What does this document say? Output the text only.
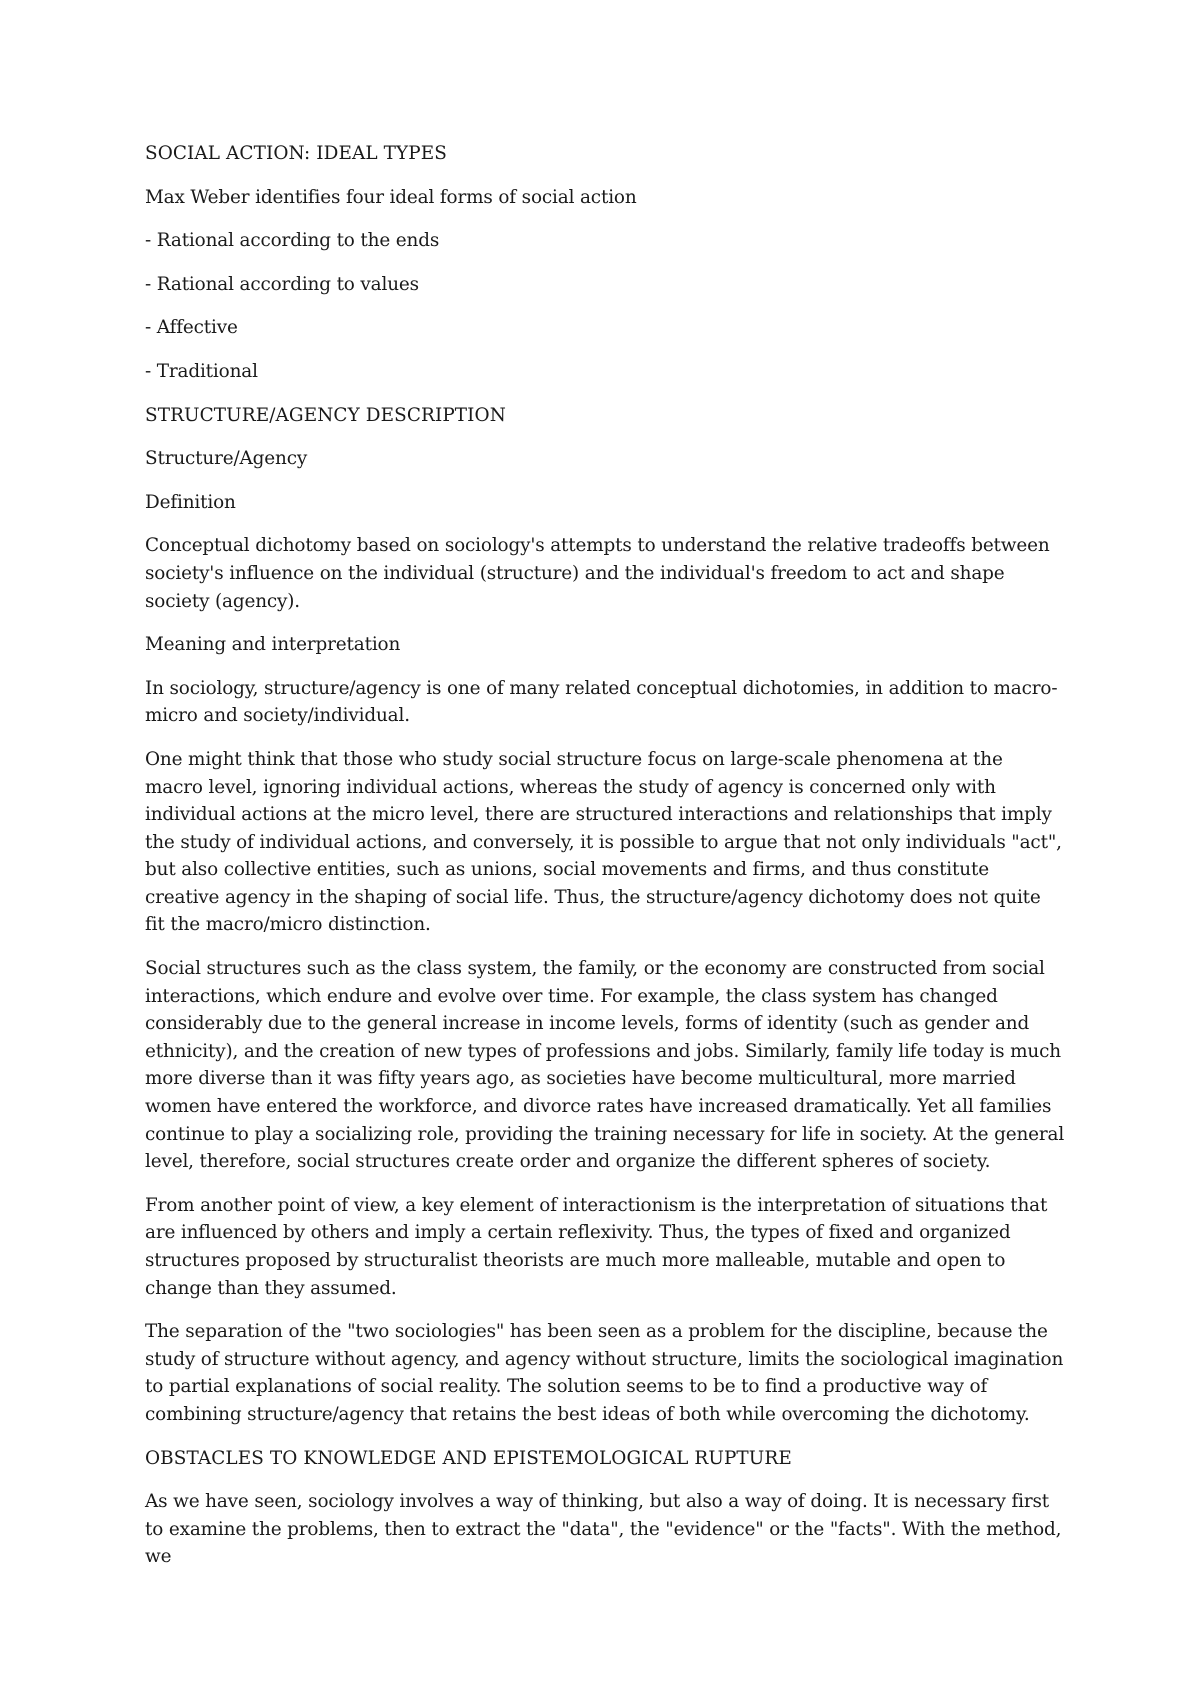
SOCIAL ACTION: IDEAL TYPES

Max Weber identifies four ideal forms of social action

- Rational according to the ends

- Rational according to values

- Affective

- Traditional

STRUCTURE/AGENCY DESCRIPTION

Structure/Agency

Definition

Conceptual dichotomy based on sociology's attempts to understand the relative tradeoffs between society's influence on the individual (structure) and the individual's freedom to act and shape society (agency).

Meaning and interpretation

In sociology, structure/agency is one of many related conceptual dichotomies, in addition to macro-micro and society/individual.

One might think that those who study social structure focus on large-scale phenomena at the macro level, ignoring individual actions, whereas the study of agency is concerned only with individual actions at the micro level, there are structured interactions and relationships that imply the study of individual actions, and conversely, it is possible to argue that not only individuals "act", but also collective entities, such as unions, social movements and firms, and thus constitute creative agency in the shaping of social life. Thus, the structure/agency dichotomy does not quite fit the macro/micro distinction.

Social structures such as the class system, the family, or the economy are constructed from social interactions, which endure and evolve over time. For example, the class system has changed considerably due to the general increase in income levels, forms of identity (such as gender and ethnicity), and the creation of new types of professions and jobs. Similarly, family life today is much more diverse than it was fifty years ago, as societies have become multicultural, more married women have entered the workforce, and divorce rates have increased dramatically. Yet all families continue to play a socializing role, providing the training necessary for life in society. At the general level, therefore, social structures create order and organize the different spheres of society.

From another point of view, a key element of interactionism is the interpretation of situations that are influenced by others and imply a certain reflexivity. Thus, the types of fixed and organized structures proposed by structuralist theorists are much more malleable, mutable and open to change than they assumed.

The separation of the "two sociologies" has been seen as a problem for the discipline, because the study of structure without agency, and agency without structure, limits the sociological imagination to partial explanations of social reality. The solution seems to be to find a productive way of combining structure/agency that retains the best ideas of both while overcoming the dichotomy.

OBSTACLES TO KNOWLEDGE AND EPISTEMOLOGICAL RUPTURE

As we have seen, sociology involves a way of thinking, but also a way of doing. It is necessary first to examine the problems, then to extract the "data", the "evidence" or the "facts". With the method, we
